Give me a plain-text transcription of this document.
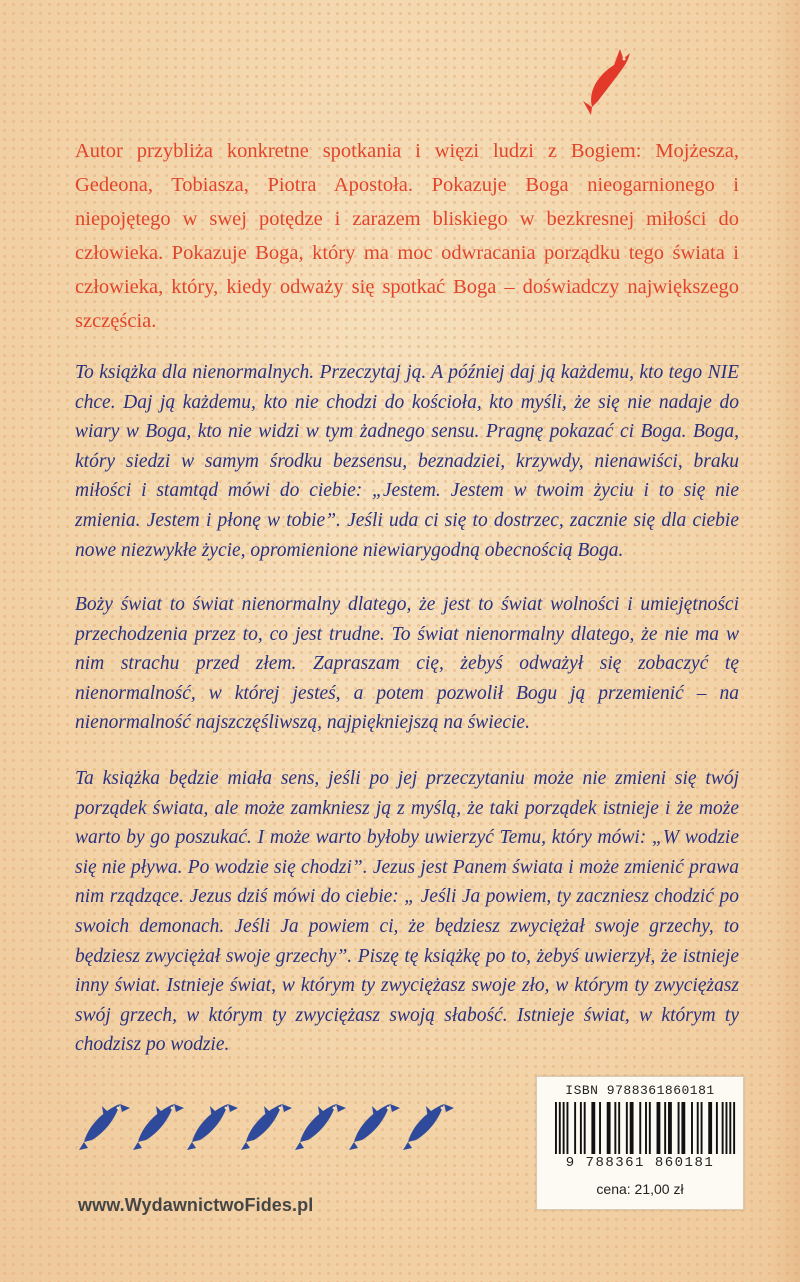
Autor przybliża konkretne spotkania i więzi ludzi z Bogiem: Mojżesza, Gedeona, Tobiasza, Piotra Apostoła. Pokazuje Boga nieogarnionego i niepojętego w swej potędze i zarazem bliskiego w bezkresnej miłości do człowieka. Pokazuje Boga, który ma moc odwracania porządku tego świata i człowieka, który, kiedy odważy się spotkać Boga – doświadczy największego szczęścia.

To książka dla nienormalnych. Przeczytaj ją. A później daj ją każdemu, kto tego NIE chce. Daj ją każdemu, kto nie chodzi do kościoła, kto myśli, że się nie nadaje do wiary w Boga, kto nie widzi w tym żadnego sensu. Pragnę pokazać ci Boga. Boga, który siedzi w samym środku bezsensu, beznadziei, krzywdy, nienawiści, braku miłości i stamtąd mówi do ciebie: „Jestem. Jestem w twoim życiu i to się nie zmienia. Jestem i płonę w tobie”. Jeśli uda ci się to dostrzec, zacznie się dla ciebie nowe niezwykłe życie, opromienione niewiarygodną obecnością Boga.

Boży świat to świat nienormalny dlatego, że jest to świat wolności i umiejętności przechodzenia przez to, co jest trudne. To świat nienormalny dlatego, że nie ma w nim strachu przed złem. Zapraszam cię, żebyś odważył się zobaczyć tę nienormalność, w której jesteś, a potem pozwolił Bogu ją przemienić – na nienormalność najszczęśliwszą, najpiękniejszą na świecie.

Ta książka będzie miała sens, jeśli po jej przeczytaniu może nie zmieni się twój porządek świata, ale może zamkniesz ją z myślą, że taki porządek istnieje i że może warto by go poszukać. I może warto byłoby uwierzyć Temu, który mówi: „W wodzie się nie pływa. Po wodzie się chodzi”. Jezus jest Panem świata i może zmienić prawa nim rządzące. Jezus dziś mówi do ciebie: „ Jeśli Ja powiem, ty zaczniesz chodzić po swoich demonach. Jeśli Ja powiem ci, że będziesz zwyciężał swoje grzechy, to będziesz zwyciężał swoje grzechy”. Piszę tę książkę po to, żebyś uwierzył, że istnieje inny świat. Istnieje świat, w którym ty zwyciężasz swoje zło, w którym ty zwyciężasz swój grzech, w którym ty zwyciężasz swoją słabość. Istnieje świat, w którym ty chodzisz po wodzie.

www.WydawnictwoFides.pl
ISBN 9788361860181
9 788361 860181
cena: 21,00 zł
